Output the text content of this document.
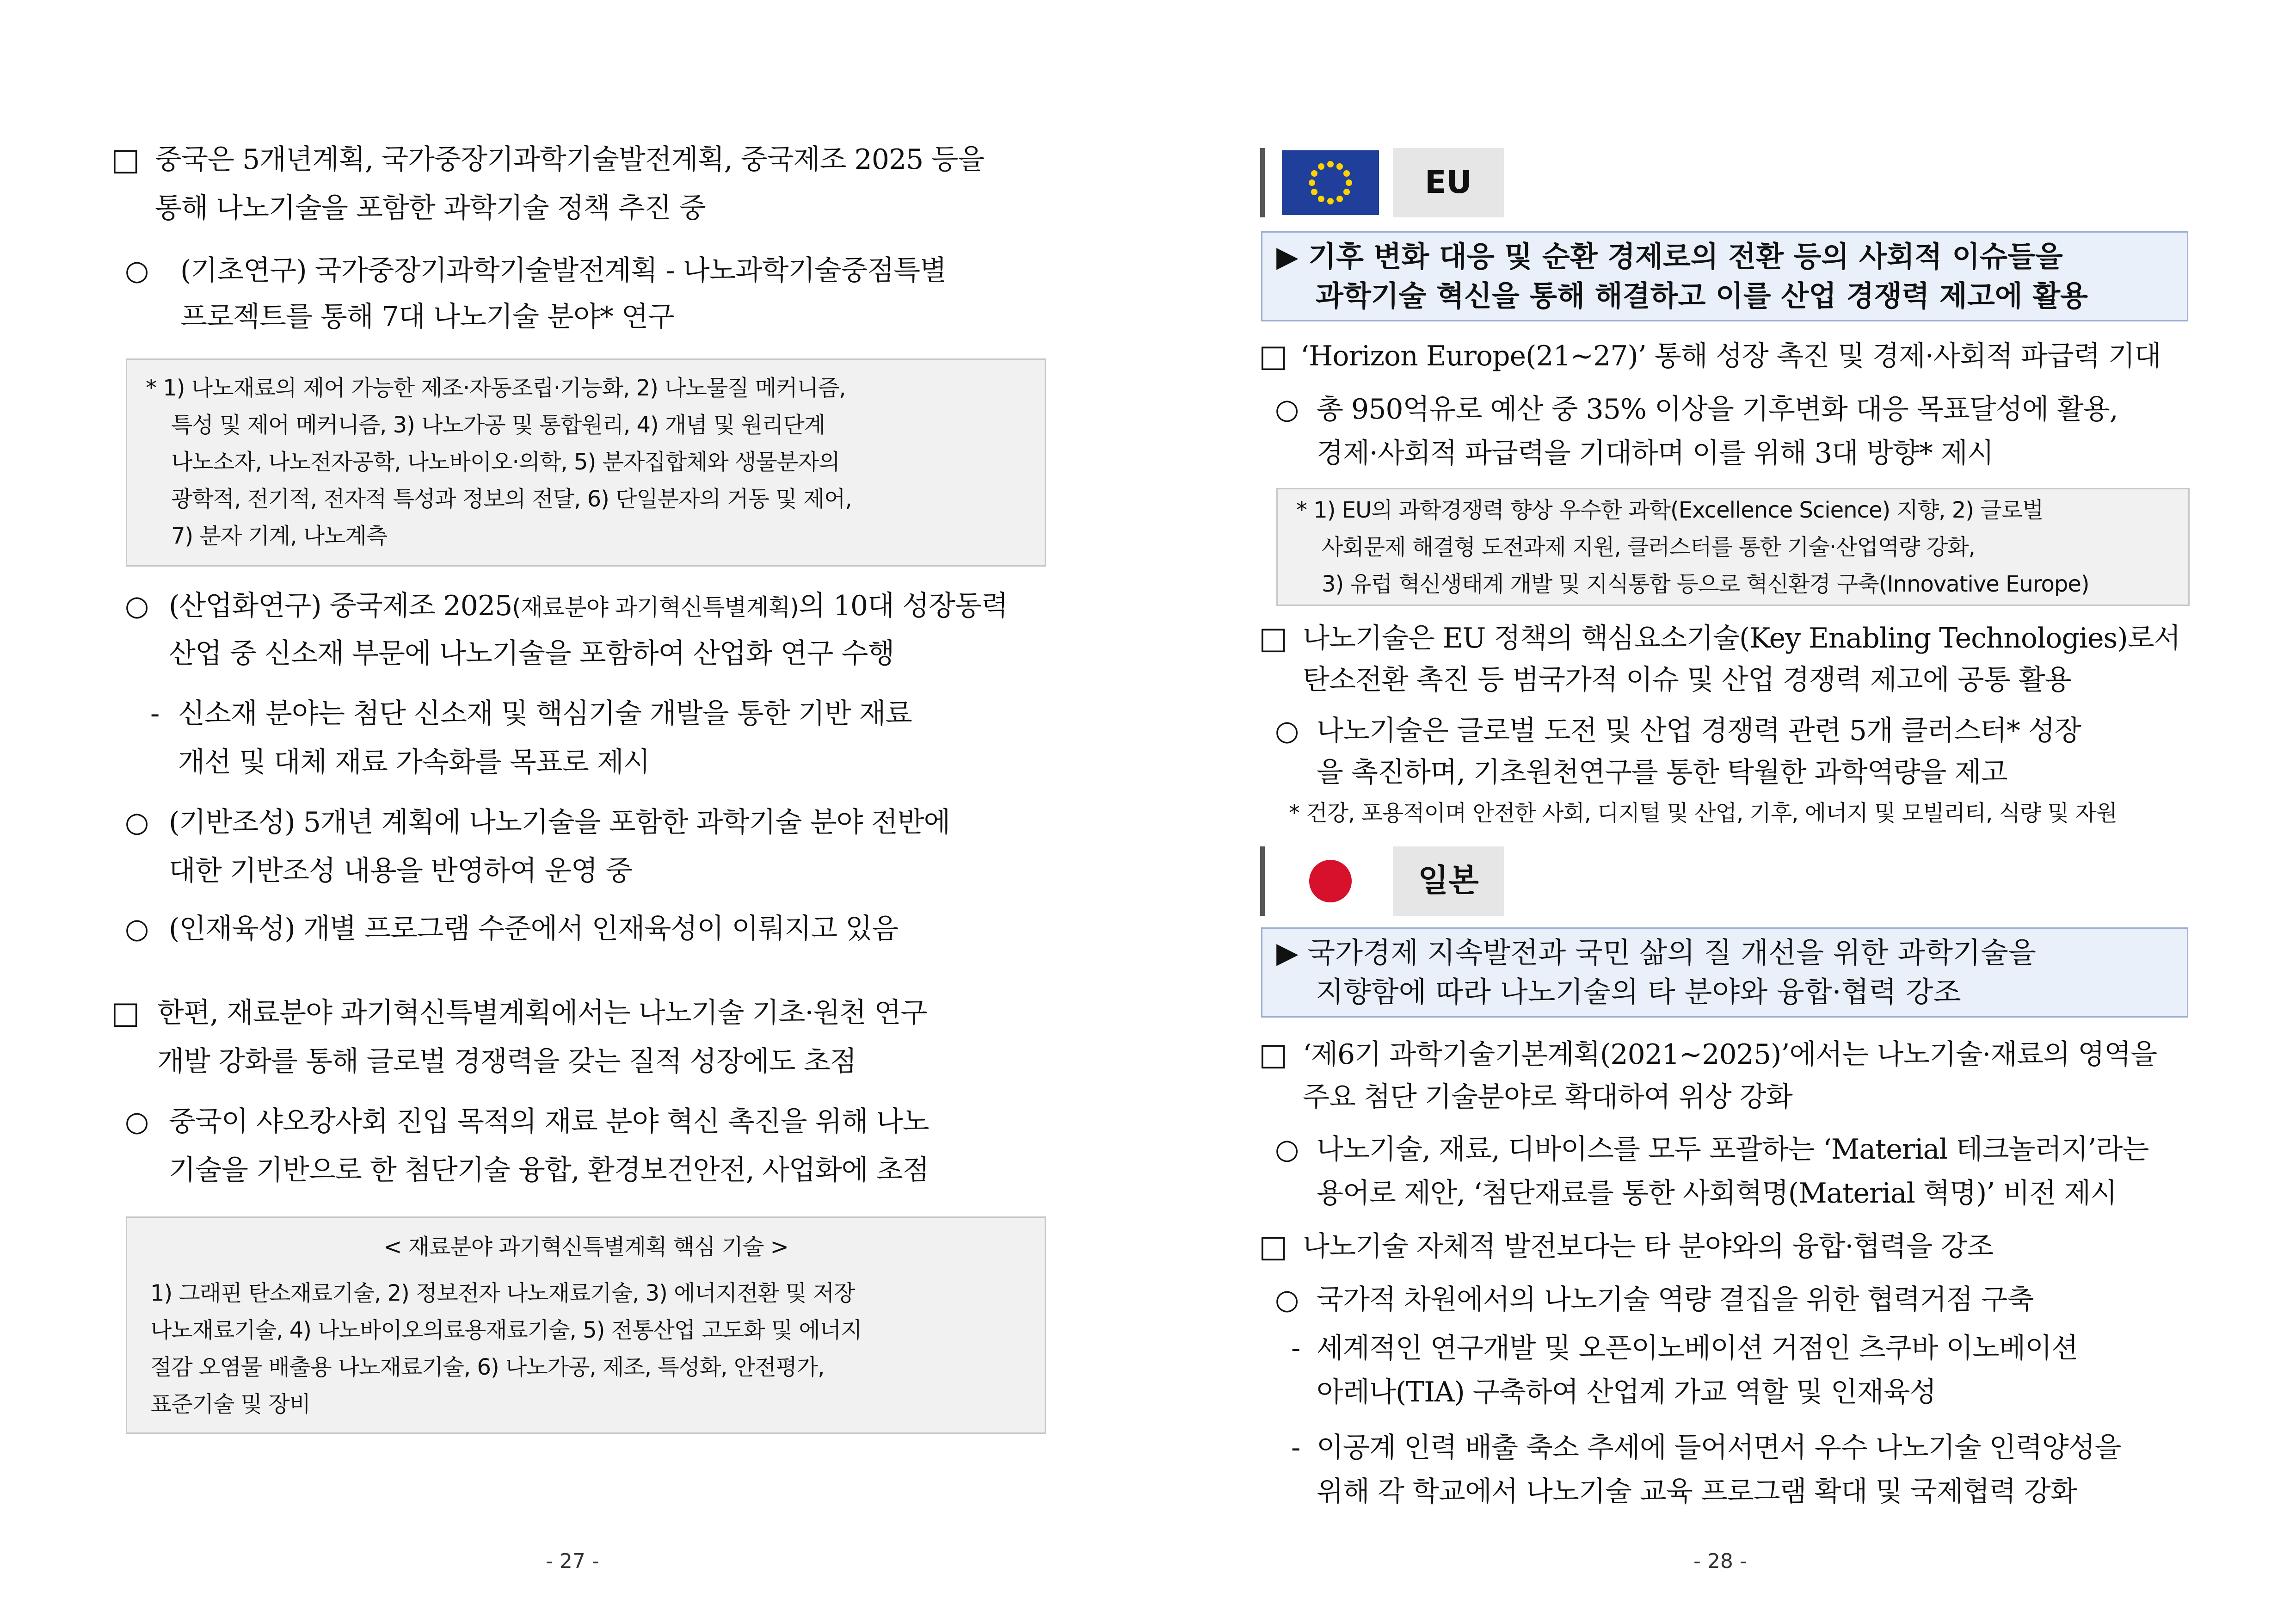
□ 중국은 5개년계획, 국가중장기과학기술발전계획, 중국제조 2025 등을
통해 나노기술을 포함한 과학기술 정책 추진 중
○ (기초연구) 국가중장기과학기술발전계획 - 나노과학기술중점특별
프로젝트를 통해 7대 나노기술 분야* 연구
* 1) 나노재료의 제어 가능한 제조·자동조립·기능화, 2) 나노물질 메커니즘,
특성 및 제어 메커니즘, 3) 나노가공 및 통합원리, 4) 개념 및 원리단계
나노소자, 나노전자공학, 나노바이오·의학, 5) 분자집합체와 생물분자의
광학적, 전기적, 전자적 특성과 정보의 전달, 6) 단일분자의 거동 및 제어,
7) 분자 기계, 나노계측
○ (산업화연구) 중국제조 2025(재료분야 과기혁신특별계획)의 10대 성장동력
산업 중 신소재 부문에 나노기술을 포함하여 산업화 연구 수행
- 신소재 분야는 첨단 신소재 및 핵심기술 개발을 통한 기반 재료
개선 및 대체 재료 가속화를 목표로 제시
○ (기반조성) 5개년 계획에 나노기술을 포함한 과학기술 분야 전반에
대한 기반조성 내용을 반영하여 운영 중
○ (인재육성) 개별 프로그램 수준에서 인재육성이 이뤄지고 있음
□ 한편, 재료분야 과기혁신특별계획에서는 나노기술 기초·원천 연구
개발 강화를 통해 글로벌 경쟁력을 갖는 질적 성장에도 초점
○ 중국이 샤오캉사회 진입 목적의 재료 분야 혁신 촉진을 위해 나노
기술을 기반으로 한 첨단기술 융합, 환경보건안전, 사업화에 초점
< 재료분야 과기혁신특별계획 핵심 기술 >
1) 그래핀 탄소재료기술, 2) 정보전자 나노재료기술, 3) 에너지전환 및 저장
나노재료기술, 4) 나노바이오의료용재료기술, 5) 전통산업 고도화 및 에너지
절감 오염물 배출용 나노재료기술, 6) 나노가공, 제조, 특성화, 안전평가,
표준기술 및 장비
- 27 -
EU
▶ 기후 변화 대응 및 순환 경제로의 전환 등의 사회적 이슈들을
과학기술 혁신을 통해 해결하고 이를 산업 경쟁력 제고에 활용
□ ‘Horizon Europe(21~27)’ 통해 성장 촉진 및 경제·사회적 파급력 기대
○ 총 950억유로 예산 중 35% 이상을 기후변화 대응 목표달성에 활용,
경제·사회적 파급력을 기대하며 이를 위해 3대 방향* 제시
* 1) EU의 과학경쟁력 향상 우수한 과학(Excellence Science) 지향, 2) 글로벌
사회문제 해결형 도전과제 지원, 클러스터를 통한 기술·산업역량 강화,
3) 유럽 혁신생태계 개발 및 지식통합 등으로 혁신환경 구축(Innovative Europe)
□ 나노기술은 EU 정책의 핵심요소기술(Key Enabling Technologies)로서
탄소전환 촉진 등 범국가적 이슈 및 산업 경쟁력 제고에 공통 활용
○ 나노기술은 글로벌 도전 및 산업 경쟁력 관련 5개 클러스터* 성장
을 촉진하며, 기초원천연구를 통한 탁월한 과학역량을 제고
* 건강, 포용적이며 안전한 사회, 디지털 및 산업, 기후, 에너지 및 모빌리티, 식량 및 자원
일본
▶ 국가경제 지속발전과 국민 삶의 질 개선을 위한 과학기술을
지향함에 따라 나노기술의 타 분야와 융합·협력 강조
□ ‘제6기 과학기술기본계획(2021~2025)’에서는 나노기술·재료의 영역을
주요 첨단 기술분야로 확대하여 위상 강화
○ 나노기술, 재료, 디바이스를 모두 포괄하는 ‘Material 테크놀러지’라는
용어로 제안, ‘첨단재료를 통한 사회혁명(Material 혁명)’ 비전 제시
□ 나노기술 자체적 발전보다는 타 분야와의 융합·협력을 강조
○ 국가적 차원에서의 나노기술 역량 결집을 위한 협력거점 구축
- 세계적인 연구개발 및 오픈이노베이션 거점인 츠쿠바 이노베이션
아레나(TIA) 구축하여 산업계 가교 역할 및 인재육성
- 이공계 인력 배출 축소 추세에 들어서면서 우수 나노기술 인력양성을
위해 각 학교에서 나노기술 교육 프로그램 확대 및 국제협력 강화
- 28 -
